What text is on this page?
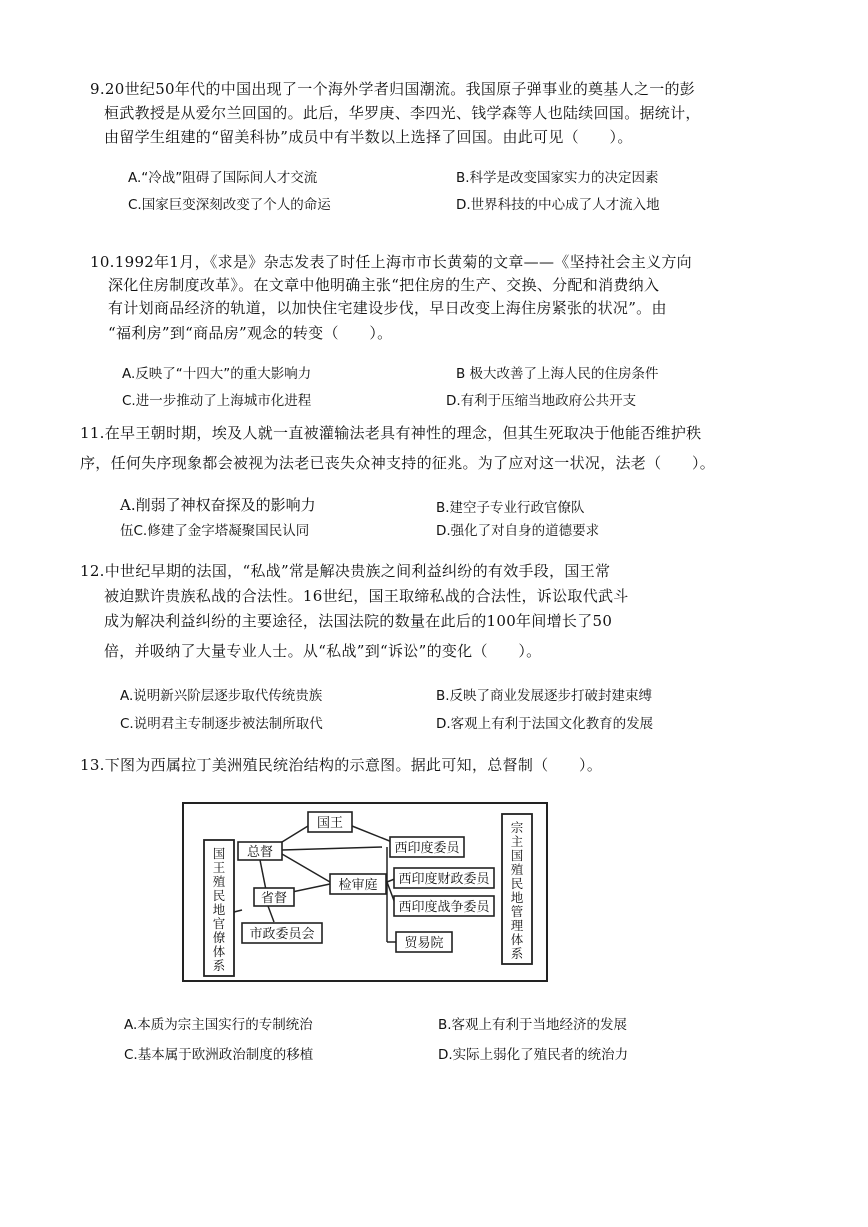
9.20世纪50年代的中国出现了一个海外学者归国潮流。我国原子弹事业的奠基人之一的彭
桓武教授是从爱尔兰回国的。此后，华罗庚、李四光、钱学森等人也陆续回国。据统计，
由留学生组建的“留美科协”成员中有半数以上选择了回国。由此可见（　　）。
A.“冷战”阻碍了国际间人才交流	B.科学是改变国家实力的决定因素
C.国家巨变深刻改变了个人的命运	D.世界科技的中心成了人才流入地
10.1992年1月，《求是》杂志发表了时任上海市市长黄菊的文章——《坚持社会主义方向
深化住房制度改革》。在文章中他明确主张“把住房的生产、交换、分配和消费纳入
有计划商品经济的轨道，以加快住宅建设步伐，早日改变上海住房紧张的状况”。由
“福利房”到“商品房”观念的转变（　　）。
A.反映了“十四大”的重大影响力	B 极大改善了上海人民的住房条件
C.进一步推动了上海城市化进程	D.有利于压缩当地政府公共开支
11.在早王朝时期，埃及人就一直被灌输法老具有神性的理念，但其生死取决于他能否维护秩
序，任何失序现象都会被视为法老已丧失众神支持的征兆。为了应对这一状况，法老（　　）。
A.削弱了神权奋探及的影响力	B.建空子专业行政官僚队
伍C.修建了金字塔凝聚国民认同	D.强化了对自身的道德要求
12.中世纪早期的法国，“私战”常是解决贵族之间利益纠纷的有效手段，国王常
被迫默许贵族私战的合法性。16世纪，国王取缔私战的合法性，诉讼取代武斗
成为解决利益纠纷的主要途径，法国法院的数量在此后的100年间增长了50
倍，并吸纳了大量专业人士。从“私战”到“诉讼”的变化（　　）。
A.说明新兴阶层逐步取代传统贵族	B.反映了商业发展逐步打破封建束缚
C.说明君主专制逐步被法制所取代	D.客观上有利于法国文化教育的发展
13.下图为西属拉丁美洲殖民统治结构的示意图。据此可知，总督制（　　）。
国
王
殖
民
地
官
僚
体
系
宗
主
国
殖
民
地
管
理
体
系
国王
总督
省督
检审庭
市政委员会
西印度委员
西印度财政委员
西印度战争委员
贸易院
A.本质为宗主国实行的专制统治	B.客观上有利于当地经济的发展
C.基本属于欧洲政治制度的移植	D.实际上弱化了殖民者的统治力
